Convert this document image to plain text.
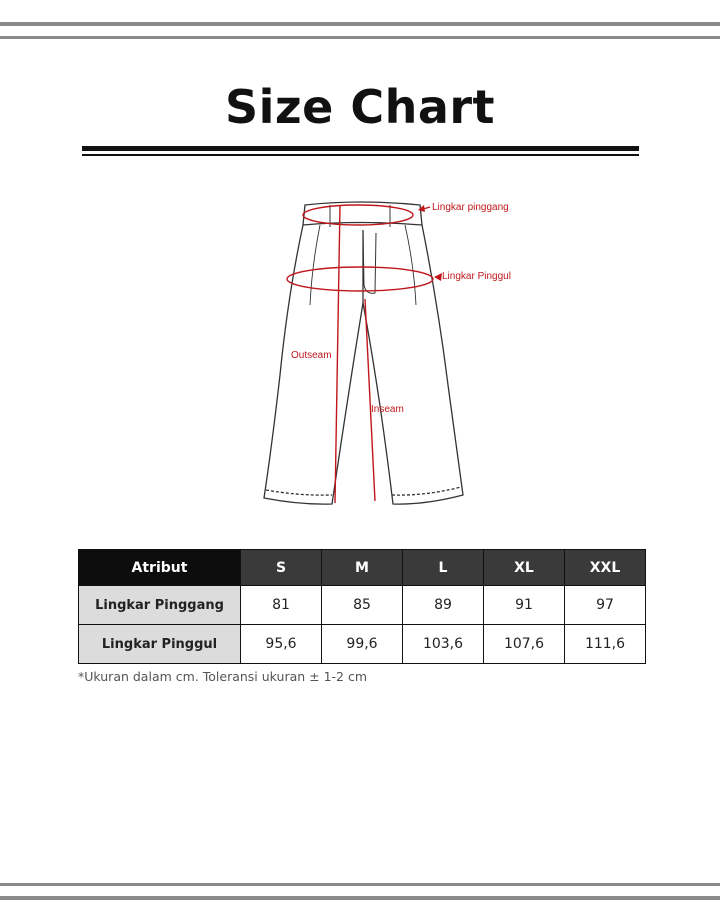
Size Chart
Lingkar pinggang
Lingkar Pinggul
Outseam
Inseam
Atribut	S	M	L	XL	XXL
Lingkar Pinggang	81	85	89	91	97
Lingkar Pinggul	95,6	99,6	103,6	107,6	111,6
*Ukuran dalam cm. Toleransi ukuran ± 1-2 cm
